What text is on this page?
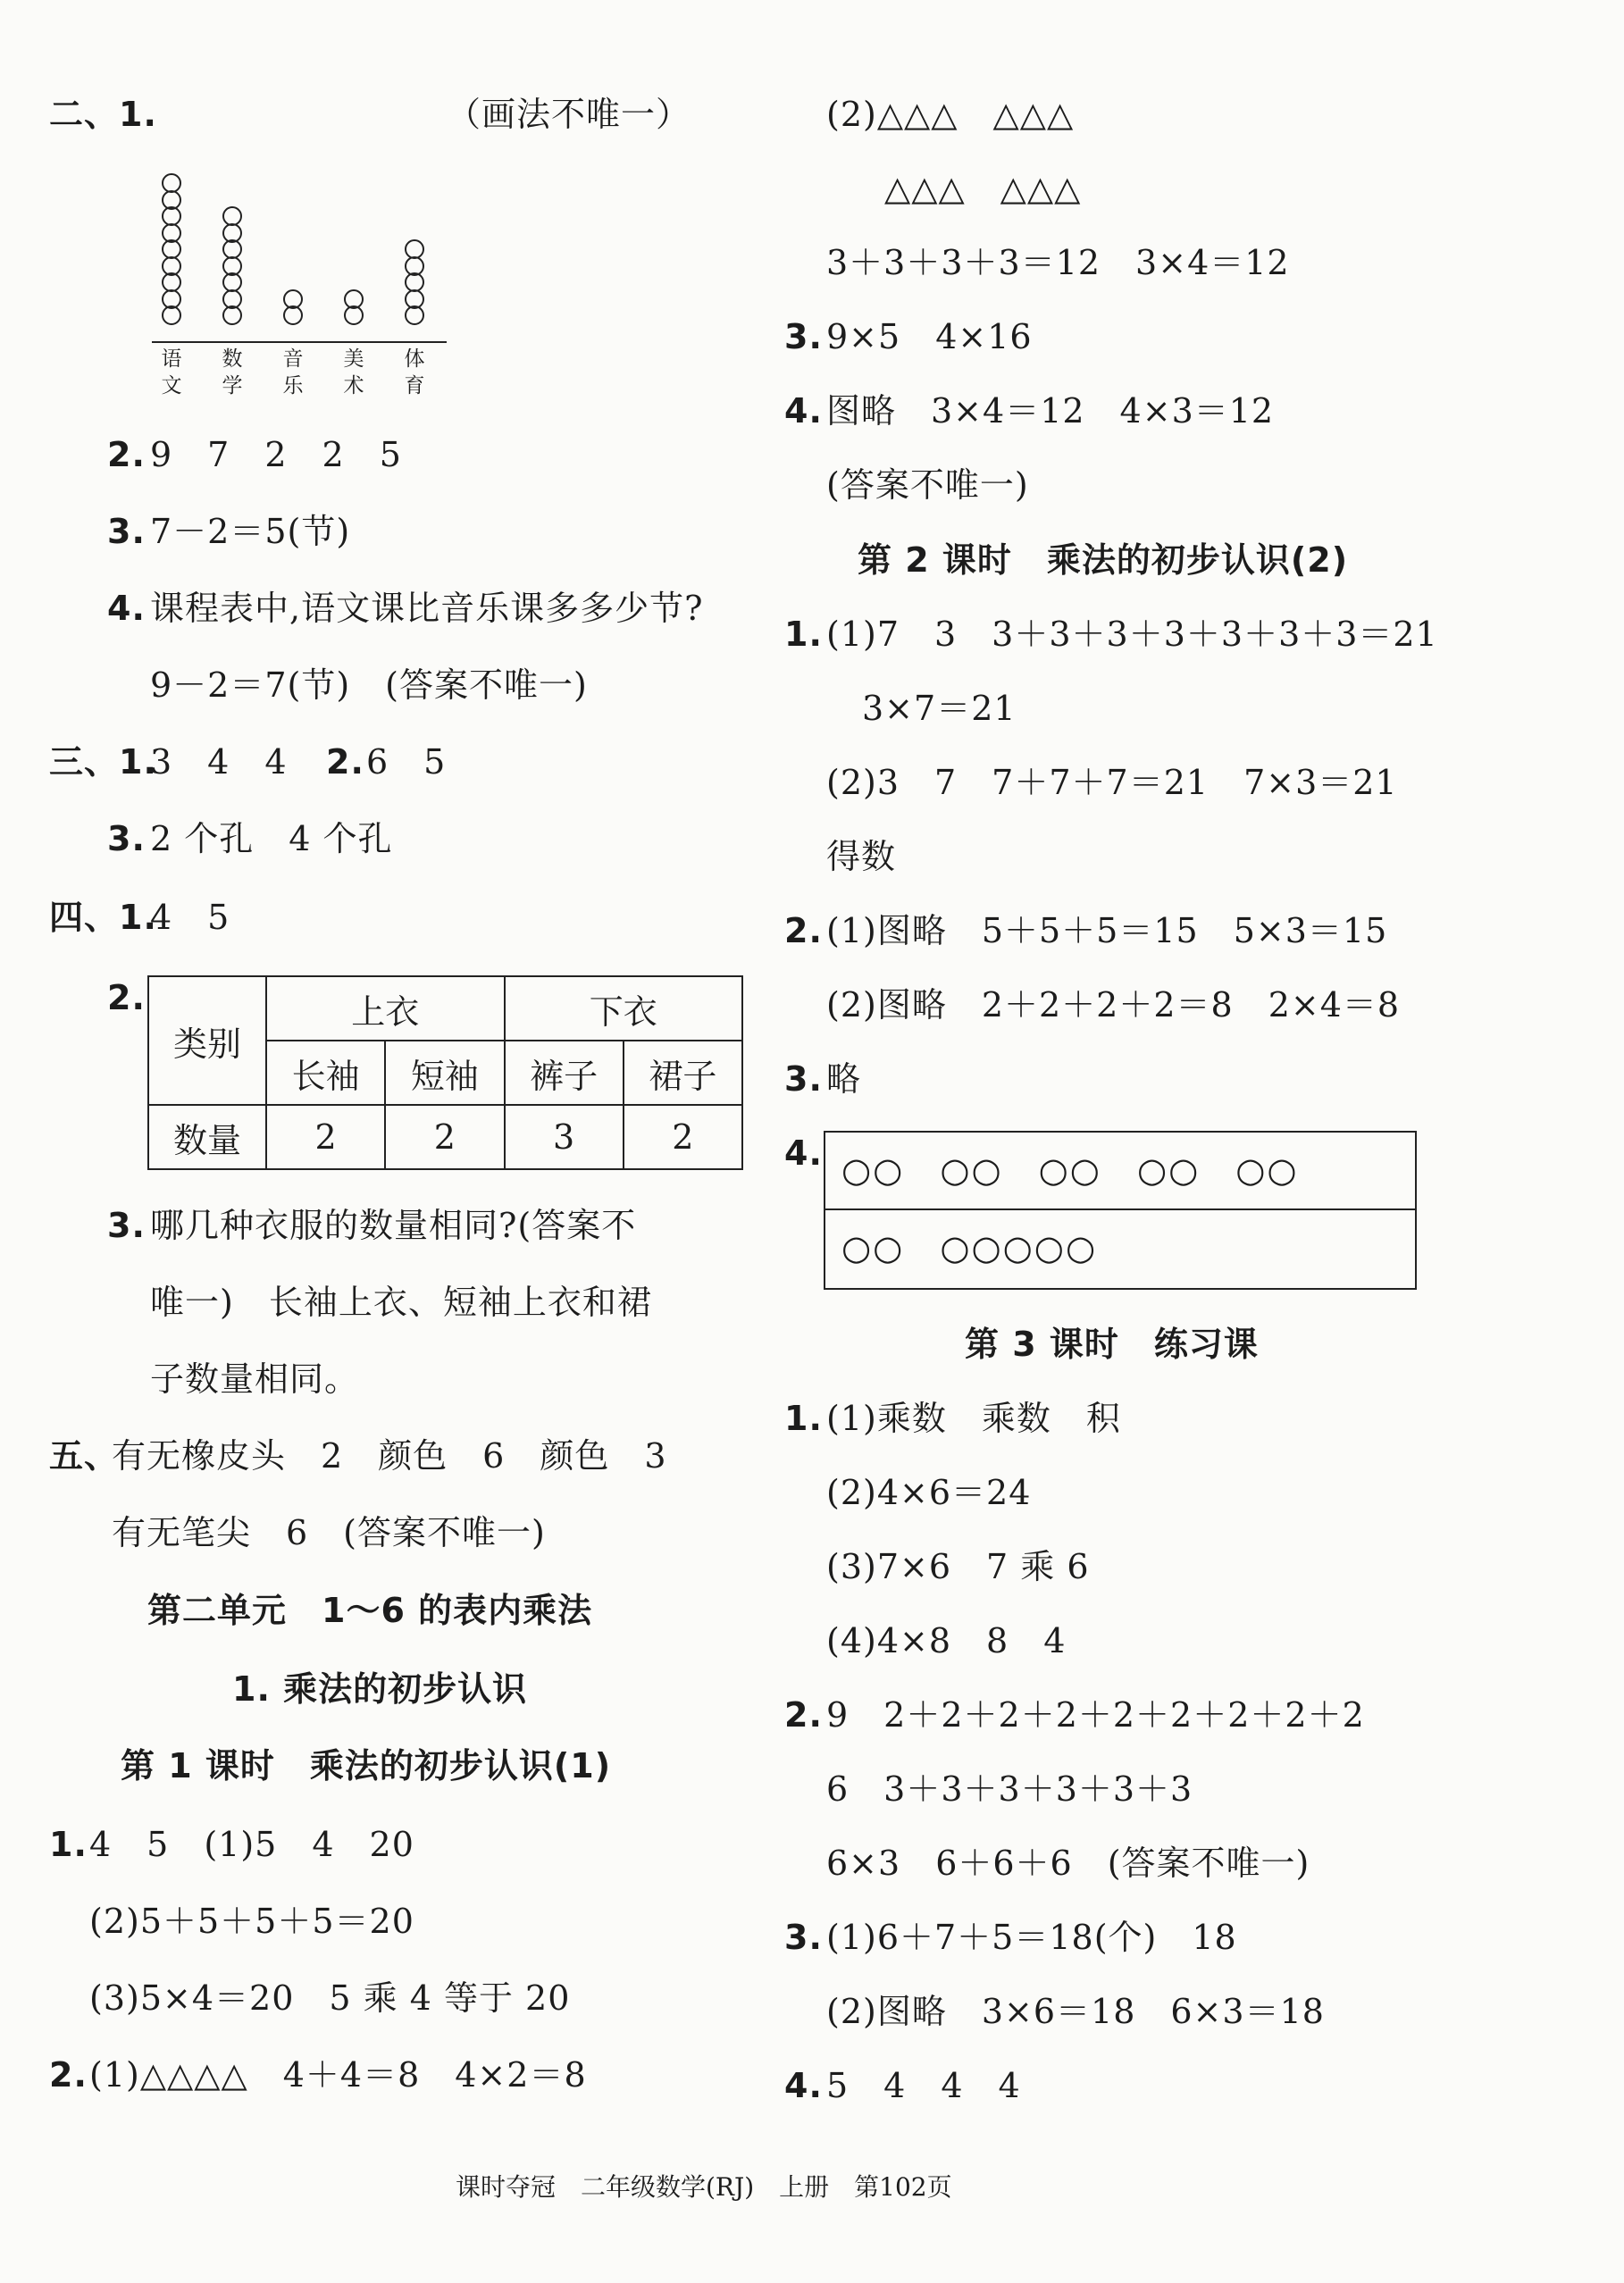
二、1.	（画法不唯一）
2. 9　7　2　2　5
3. 7－2＝5(节)
4. 课程表中,语文课比音乐课多多少节?
9－2＝7(节)　(答案不唯一)
三、1.
3　4　4 2. 6　5
3. 2 个孔　4 个孔
四、1.
4　5
2.
类别	上衣		下衣	
	长袖	短袖	裤子	裙子
数量	2	2	3	2
3. 哪几种衣服的数量相同?(答案不
唯一)　长袖上衣、短袖上衣和裙
子数量相同。
五、
有无橡皮头　2　颜色　6　颜色　3
有无笔尖　6　(答案不唯一)
第二单元　1～6 的表内乘法
1. 乘法的初步认识
第 1 课时　乘法的初步认识(1)
1. 4　5　(1)5　4　20
(2)5＋5＋5＋5＝20
(3)5×4＝20　5 乘 4 等于 20
2. (1)△△△△　4＋4＝8　4×2＝8
(2)△△△　△△△
△△△　△△△
3＋3＋3＋3＝12　3×4＝12
3. 9×5　4×16
4. 图略　3×4＝12　4×3＝12
(答案不唯一)
第 2 课时　乘法的初步认识(2)
1. (1)7　3　3＋3＋3＋3＋3＋3＋3＝21
3×7＝21
(2)3　7　7＋7＋7＝21　7×3＝21
得数
2. (1)图略　5＋5＋5＝15　5×3＝15
(2)图略　2＋2＋2＋2＝8　2×4＝8
3. 略
4. ○○　○○　○○　○○　○○
○○　○○○○○
第 3 课时　练习课
1. (1)乘数　乘数　积
(2)4×6＝24
(3)7×6　7 乘 6
(4)4×8　8　4
2. 9　2＋2＋2＋2＋2＋2＋2＋2＋2
6　3＋3＋3＋3＋3＋3
6×3　6＋6＋6　(答案不唯一)
3. (1)6＋7＋5＝18(个)　18
(2)图略　3×6＝18　6×3＝18
4. 5　4　4　4
课时夺冠　二年级数学(RJ)　上册　第102页
语
文
数
学
音
乐
美
术
体
育
